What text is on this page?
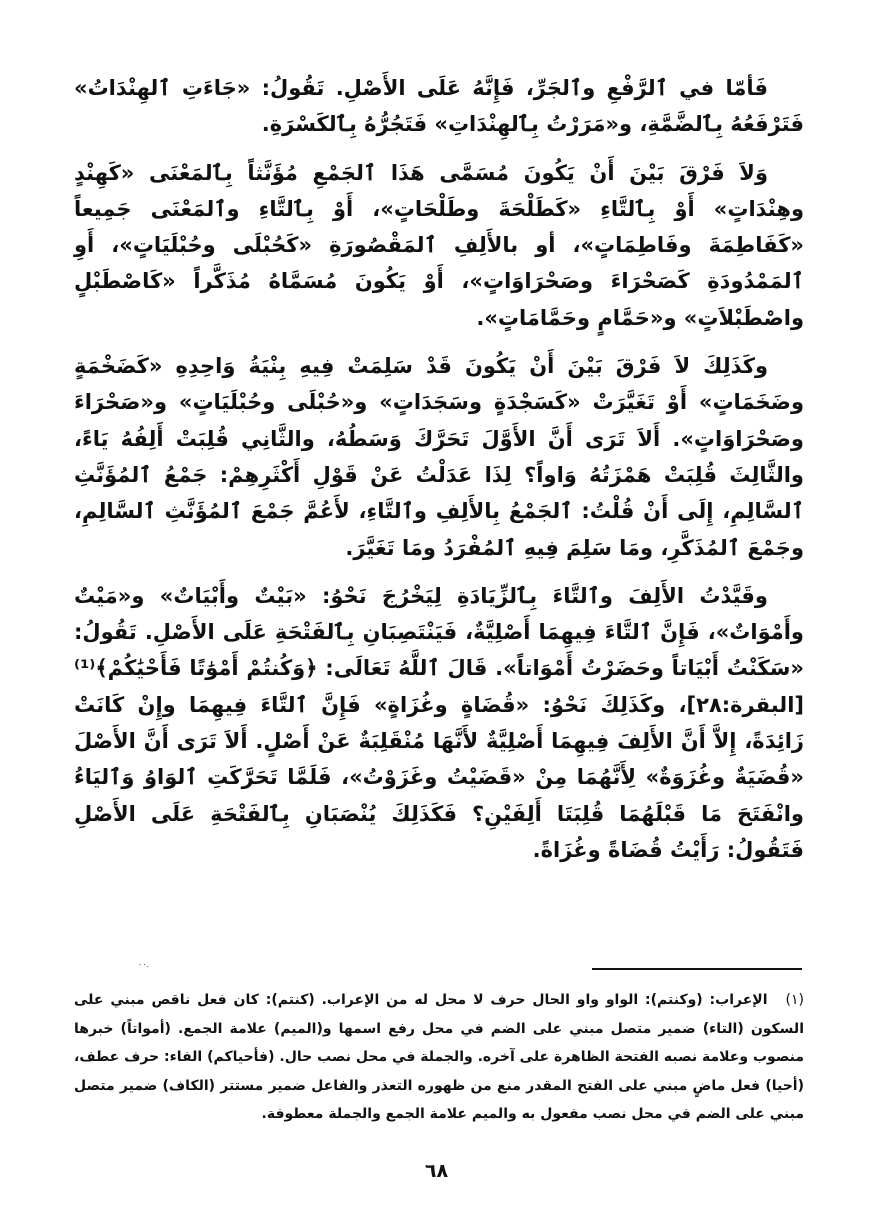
فَأمّا في ٱلرَّفْعِ وٱلجَرِّ، فَإِنَّهُ عَلَى الأَصْلِ. تَقُولُ: «جَاءَتِ ٱلهِنْدَاتُ» فَتَرْفَعُهُ بِٱلضَّمَّةِ، و«مَرَرْتُ بِٱلهِنْدَاتِ» فَتَجُرُّهُ بِٱلكَسْرَةِ.

وَلاَ فَرْقَ بَيْنَ أَنْ يَكُونَ مُسَمَّى هَذَا ٱلجَمْعِ مُؤَنَّثاً بِٱلمَعْنَى «كَهِنْدٍ وهِنْدَاتٍ» أَوْ بِٱلتَّاءِ «كَطَلْحَةَ وطَلْحَاتٍ»، أَوْ بِٱلتَّاءِ وٱلمَعْنَى جَمِيعاً «كَفَاطِمَةَ وفَاطِمَاتٍ»، أو بالأَلِفِ ٱلمَقْصُورَةِ «كَحُبْلَى وحُبْلَيَاتٍ»، أَوِ ٱلمَمْدُودَةِ كَصَحْرَاءَ وصَحْرَاوَاتٍ»، أَوْ يَكُونَ مُسَمَّاهُ مُذَكَّراً «كَاصْطَبْلٍ واصْطَبْلاَتٍ» و«حَمَّامٍ وحَمَّامَاتٍ».

وكَذَلِكَ لاَ فَرْقَ بَيْنَ أَنْ يَكُونَ قَدْ سَلِمَتْ فِيهِ بِنْيَةُ وَاحِدِهِ «كَضَخْمَةٍ وضَخَمَاتٍ» أَوْ تَغَيَّرَتْ «كَسَجْدَةٍ وسَجَدَاتٍ» و«حُبْلَى وحُبْلَيَاتٍ» و«صَحْرَاءَ وصَحْرَاوَاتٍ». أَلاَ تَرَى أَنَّ الأَوَّلَ تَحَرَّكَ وَسَطُهُ، والثَّانِي قُلِبَتْ أَلِفُهُ يَاءً، والثَّالِثَ قُلِبَتْ هَمْزَتُهُ وَاواً؟ لِذَا عَدَلْتُ عَنْ قَوْلِ أَكْثَرِهِمْ: جَمْعُ ٱلمُؤَنَّثِ ٱلسَّالِمِ، إِلَى أَنْ قُلْتُ: ٱلجَمْعُ بِالأَلِفِ وٱلتَّاءِ، لأَعُمَّ جَمْعَ ٱلمُؤَنَّثِ ٱلسَّالِمِ، وجَمْعَ ٱلمُذَكَّرِ، ومَا سَلِمَ فِيهِ ٱلمُفْرَدُ ومَا تَغَيَّرَ.

وقَيَّدْتُ الأَلِفَ وٱلتَّاءَ بِٱلزِّيَادَةِ لِيَخْرُجَ نَحْوُ: «بَيْتٌ وأَبْيَاتٌ» و«مَيْتٌ وأَمْوَاتٌ»، فَإِنَّ ٱلتَّاءَ فِيهِمَا أَصْلِيَّةٌ، فَيَنْتَصِبَانِ بِٱلفَتْحَةِ عَلَى الأَصْلِ. تَقُولُ: «سَكَنْتُ أَبْيَاتاً وحَضَرْتُ أَمْوَاتاً». قَالَ ٱللَّهُ تَعَالَى: ﴿وَكُنتُمْ أَمْوَٰتًا فَأَحْيَٰكُمْ﴾⁽¹⁾ [البقرة:٢٨]، وكَذَلِكَ نَحْوُ: «قُضَاةٍ وغُزَاةٍ» فَإِنَّ ٱلتَّاءَ فِيهِمَا وإِنْ كَانَتْ زَائِدَةً، إِلاَّ أَنَّ الأَلِفَ فِيهِمَا أَصْلِيَّةٌ لأَنَّهَا مُنْقَلِبَةٌ عَنْ أَصْلٍ. أَلاَ تَرَى أَنَّ الأَصْلَ «قُضَيَةٌ وغُزَوَةٌ» لِأَنَّهُمَا مِنْ «قَضَيْتُ وغَزَوْتُ»، فَلَمَّا تَحَرَّكَتِ ٱلوَاوُ وَٱليَاءُ وانْفَتَحَ مَا قَبْلَهُمَا قُلِبَتَا أَلِفَيْنِ؟ فَكَذَلِكَ يُنْصَبَانِ بِٱلفَتْحَةِ عَلَى الأَصْلِ فَتَقُولُ: رَأَيْتُ قُضَاةً وغُزَاةً.

٠٠.
(١)الإعراب: (وكنتم): الواو واو الحال حرف لا محل له من الإعراب. (كنتم): كان فعل ناقص مبني على السكون (التاء) ضمير متصل مبني على الضم في محل رفع اسمها و(الميم) علامة الجمع. (أمواتاً) خبرها منصوب وعلامة نصبه الفتحة الظاهرة على آخره. والجملة في محل نصب حال. (فأحياكم) الفاء: حرف عطف، (أحيا) فعل ماضٍ مبني على الفتح المقدر منع من ظهوره التعذر والفاعل ضمير مستتر (الكاف) ضمير متصل مبني على الضم في محل نصب مفعول به والميم علامة الجمع والجملة معطوفة.
٦٨
